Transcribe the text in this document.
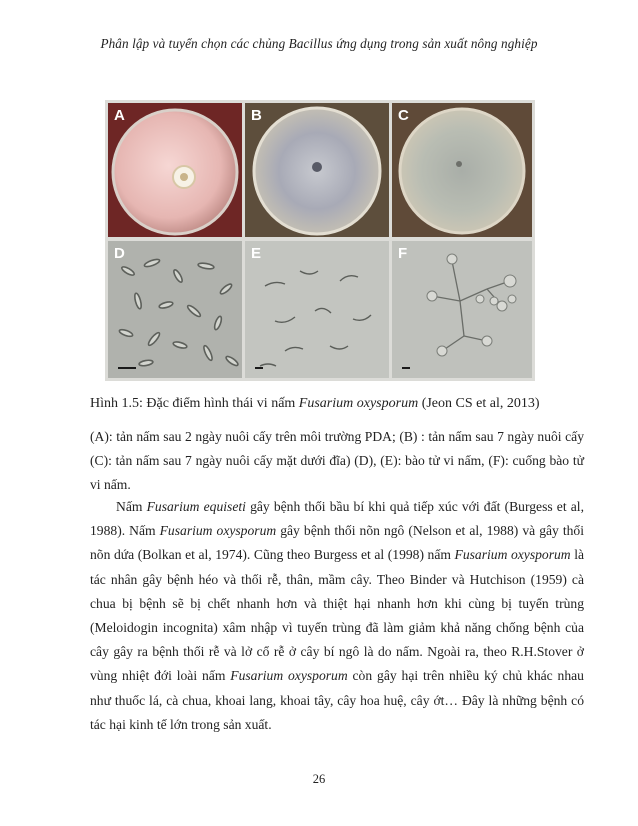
Phân lập và tuyển chọn các chủng Bacillus ứng dụng trong sản xuất nông nghiệp
A	B	C
D	E	F
Hình 1.5: Đặc điểm hình thái vi nấm Fusarium oxysporum (Jeon CS et al, 2013)
(A): tản nấm sau 2 ngày nuôi cấy trên môi trường PDA; (B) : tản nấm sau 7 ngày nuôi cấy (C): tản nấm sau 7 ngày nuôi cấy mặt dưới đĩa) (D), (E): bào tử vi nấm, (F): cuống bào tử vi nấm.
Nấm Fusarium equiseti gây bệnh thối bầu bí khi quả tiếp xúc với đất (Burgess et al, 1988). Nấm Fusarium oxysporum gây bệnh thối nõn ngô (Nelson et al, 1988) và gây thối nõn dứa (Bolkan et al, 1974). Cũng theo Burgess et al (1998) nấm Fusarium oxysporum là tác nhân gây bệnh héo và thối rễ, thân, mầm cây. Theo Binder và Hutchison (1959) cà chua bị bệnh sẽ bị chết nhanh hơn và thiệt hại nhanh hơn khi cùng bị tuyến trùng (Meloidogin incognita) xâm nhập vì tuyến trùng đã làm giảm khả năng chống bệnh của cây gây ra bệnh thối rễ và lở cổ rễ ở cây bí ngô là do nấm. Ngoài ra, theo R.H.Stover ở vùng nhiệt đới loài nấm Fusarium oxysporum còn gây hại trên nhiều ký chủ khác nhau như thuốc lá, cà chua, khoai lang, khoai tây, cây hoa huệ, cây ớt… Đây là những bệnh có tác hại kinh tế lớn trong sản xuất.
26
